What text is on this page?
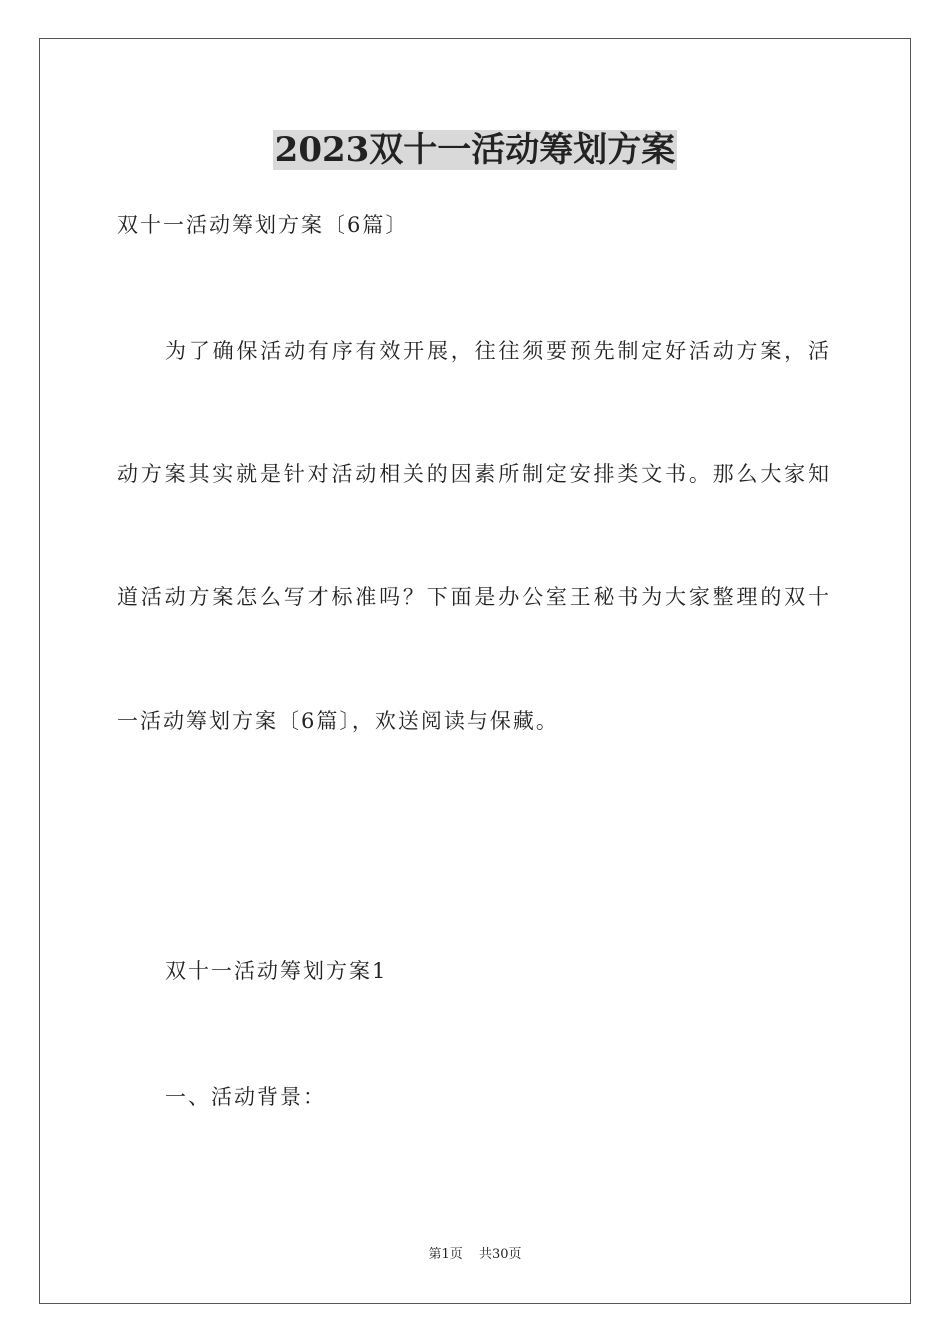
2023双十一活动筹划方案
双十一活动筹划方案〔6篇〕
为了确保活动有序有效开展，往往须要预先制定好活动方案，活
动方案其实就是针对活动相关的因素所制定安排类文书。那么大家知
道活动方案怎么写才标准吗？下面是办公室王秘书为大家整理的双十
一活动筹划方案〔6篇〕，欢送阅读与保藏。
双十一活动筹划方案1
一、活动背景：
第1页 共30页
